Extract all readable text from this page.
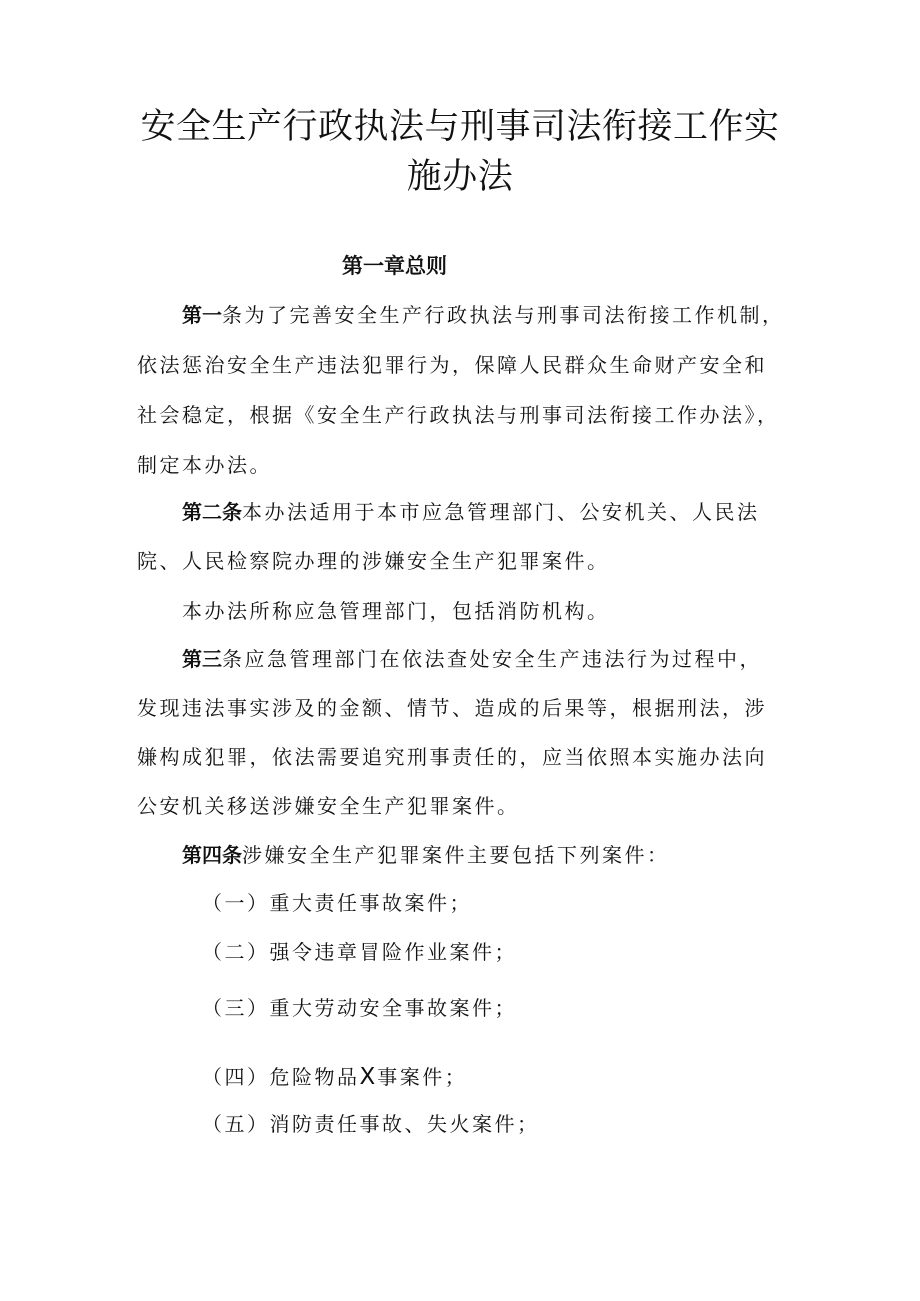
安全生产行政执法与刑事司法衔接工作实
施办法
第一章总则
第一条为了完善安全生产行政执法与刑事司法衔接工作机制，
依法惩治安全生产违法犯罪行为，保障人民群众生命财产安全和
社会稳定，根据《安全生产行政执法与刑事司法衔接工作办法》，
制定本办法。
第二条本办法适用于本市应急管理部门、公安机关、人民法
院、人民检察院办理的涉嫌安全生产犯罪案件。
本办法所称应急管理部门，包括消防机构。
第三条应急管理部门在依法查处安全生产违法行为过程中，
发现违法事实涉及的金额、情节、造成的后果等，根据刑法，涉
嫌构成犯罪，依法需要追究刑事责任的，应当依照本实施办法向
公安机关移送涉嫌安全生产犯罪案件。
第四条涉嫌安全生产犯罪案件主要包括下列案件：
（一）重大责任事故案件；
（二）强令违章冒险作业案件；
（三）重大劳动安全事故案件；
（四）危险物品X事案件；
（五）消防责任事故、失火案件；
